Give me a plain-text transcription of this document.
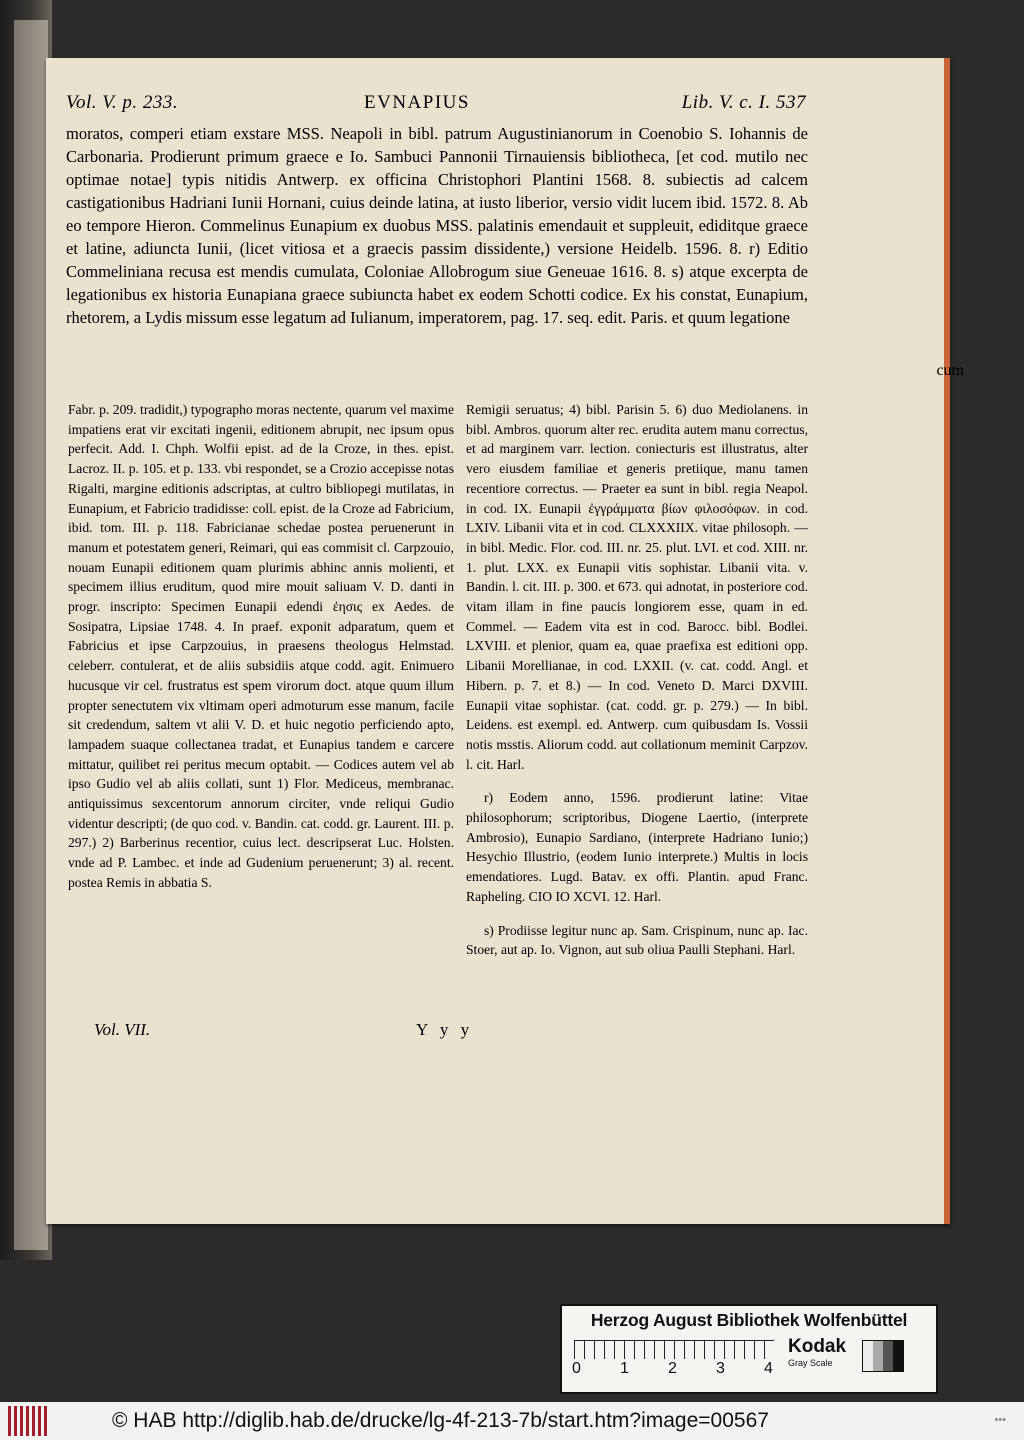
Vol. V. p. 233.	EVNAPIUS	Lib. V. c. I. 537

moratos, comperi etiam exstare MSS. Neapoli in bibl. patrum Augustinianorum in Coenobio S. Iohannis de Carbonaria. Prodierunt primum graece e Io. Sambuci Pannonii Tirnauiensis bibliotheca, [et cod. mutilo nec optimae notae] typis nitidis Antwerp. ex officina Christophori Plantini 1568. 8. subiectis ad calcem castigationibus Hadriani Iunii Hornani, cuius deinde latina, at iusto liberior, versio vidit lucem ibid. 1572. 8. Ab eo tempore Hieron. Commelinus Eunapium ex duobus MSS. palatinis emendauit et suppleuit, ediditque graece et latine, adiuncta Iunii, (licet vitiosa et a graecis passim dissidente,) versione Heidelb. 1596. 8. r) Editio Commeliniana recusa est mendis cumulata, Coloniae Allobrogum siue Geneuae 1616. 8. s) atque excerpta de legationibus ex historia Eunapiana graece subiuncta habet ex eodem Schotti codice. Ex his constat, Eunapium, rhetorem, a Lydis missum esse legatum ad Iulianum, imperatorem, pag. 17. seq. edit. Paris. et quum legatione

cum

Fabr. p. 209. tradidit,) typographo moras nectente, quarum vel maxime impatiens erat vir excitati ingenii, editionem abrupit, nec ipsum opus perfecit. Add. I. Chph. Wolfii epist. ad de la Croze, in thes. epist. Lacroz. II. p. 105. et p. 133. vbi respondet, se a Crozio accepisse notas Rigalti, margine editionis adscriptas, at cultro bibliopegi mutilatas, in Eunapium, et Fabricio tradidisse: coll. epist. de la Croze ad Fabricium, ibid. tom. III. p. 118. Fabricianae schedae postea peruenerunt in manum et potestatem generi, Reimari, qui eas commisit cl. Carpzouio, nouam Eunapii editionem quam plurimis abhinc annis molienti, et specimem illius eruditum, quod mire mouit saliuam V. D. danti in progr. inscripto: Specimen Eunapii edendi ἐησις ex Aedes. de Sosipatra, Lipsiae 1748. 4. In praef. exponit adparatum, quem et Fabricius et ipse Carpzouius, in praesens theologus Helmstad. celeberr. contulerat, et de aliis subsidiis atque codd. agit. Enimuero hucusque vir cel. frustratus est spem virorum doct. atque quum illum propter senectutem vix vltimam operi admoturum esse manum, facile sit credendum, saltem vt alii V. D. et huic negotio perficiendo apto, lampadem suaque collectanea tradat, et Eunapius tandem e carcere mittatur, quilibet rei peritus mecum optabit. — Codices autem vel ab ipso Gudio vel ab aliis collati, sunt 1) Flor. Mediceus, membranac. antiquissimus sexcentorum annorum circiter, vnde reliqui Gudio videntur descripti; (de quo cod. v. Bandin. cat. codd. gr. Laurent. III. p. 297.) 2) Barberinus recentior, cuius lect. descripserat Luc. Holsten. vnde ad P. Lambec. et inde ad Gudenium peruenerunt; 3) al. recent. postea Remis in abbatia S.

Remigii seruatus; 4) bibl. Parisin 5. 6) duo Mediolanens. in bibl. Ambros. quorum alter rec. erudita autem manu correctus, et ad marginem varr. lection. coniecturis est illustratus, alter vero eiusdem familiae et generis pretiique, manu tamen recentiore correctus. — Praeter ea sunt in bibl. regia Neapol. in cod. IX. Eunapii ἐγγράμματα βίων φιλοσόφων. in cod. LXIV. Libanii vita et in cod. CLXXXIIX. vitae philosoph. — in bibl. Medic. Flor. cod. III. nr. 25. plut. LVI. et cod. XIII. nr. 1. plut. LXX. ex Eunapii vitis sophistar. Libanii vita. v. Bandin. l. cit. III. p. 300. et 673. qui adnotat, in posteriore cod. vitam illam in fine paucis longiorem esse, quam in ed. Commel. — Eadem vita est in cod. Barocc. bibl. Bodlei. LXVIII. et plenior, quam ea, quae praefixa est editioni opp. Libanii Morellianae, in cod. LXXII. (v. cat. codd. Angl. et Hibern. p. 7. et 8.) — In cod. Veneto D. Marci DXVIII. Eunapii vitae sophistar. (cat. codd. gr. p. 279.) — In bibl. Leidens. est exempl. ed. Antwerp. cum quibusdam Is. Vossii notis msstis. Aliorum codd. aut collationum meminit Carpzov. l. cit. Harl.

r) Eodem anno, 1596. prodierunt latine: Vitae philosophorum; scriptoribus, Diogene Laertio, (interprete Ambrosio), Eunapio Sardiano, (interprete Hadriano Iunio;) Hesychio Illustrio, (eodem Iunio interprete.) Multis in locis emendatiores. Lugd. Batav. ex offi. Plantin. apud Franc. Rapheling. CIO IO XCVI. 12. Harl.

s) Prodiisse legitur nunc ap. Sam. Crispinum, nunc ap. Iac. Stoer, aut ap. Io. Vignon, aut sub oliua Paulli Stephani. Harl.

Vol. VII.	Y y y
Herzog August Bibliothek Wolfenbüttel
0 1 2 3 4
Kodak
Gray Scale
© HAB http://diglib.hab.de/drucke/lg-4f-213-7b/start.htm?image=00567	•••
